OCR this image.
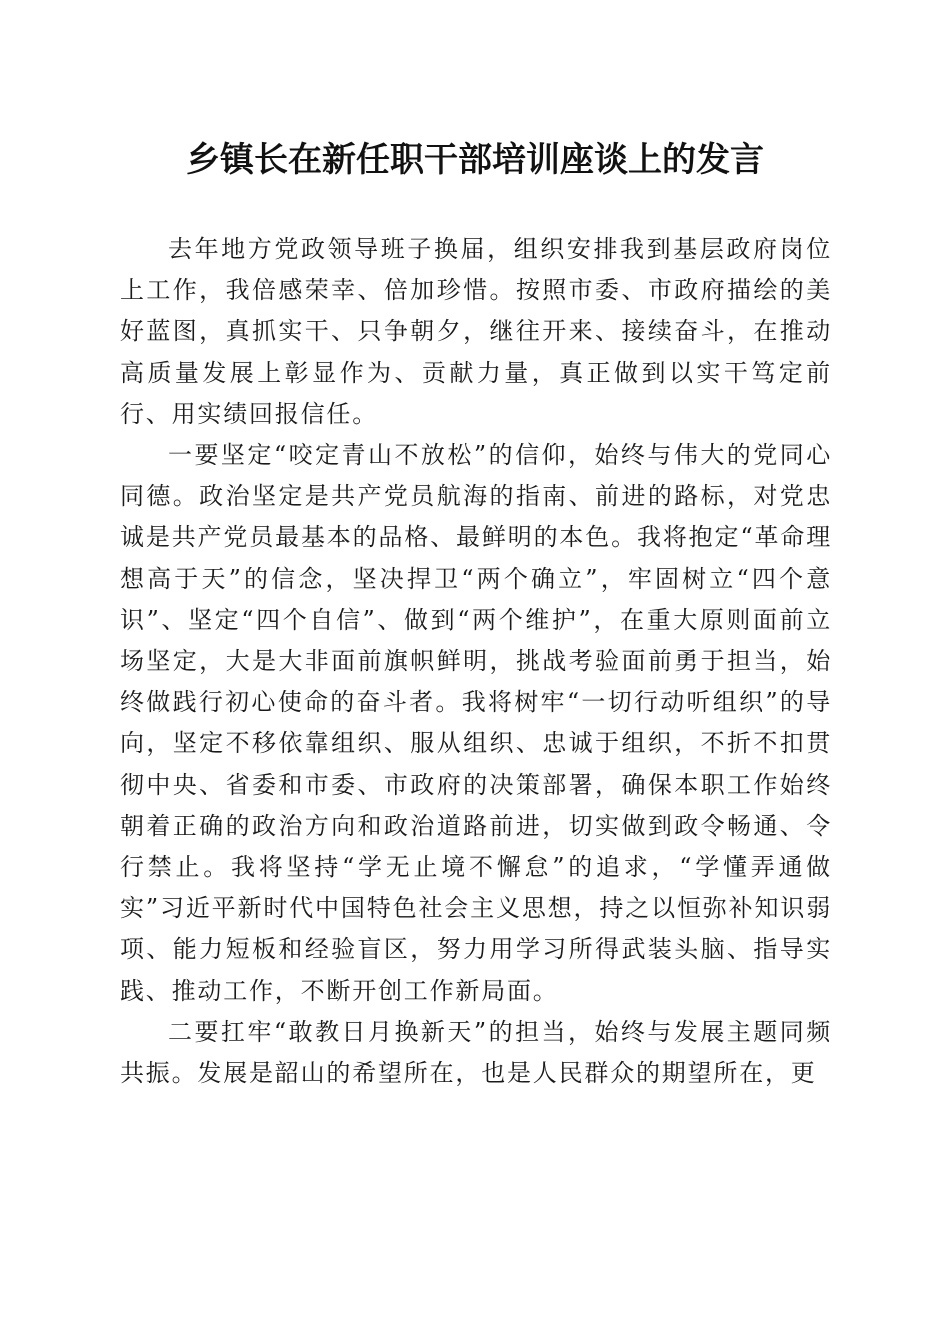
乡镇长在新任职干部培训座谈上的发言

去年地方党政领导班子换届，组织安排我到基层政府岗位上工作，我倍感荣幸、倍加珍惜。按照市委、市政府描绘的美好蓝图，真抓实干、只争朝夕，继往开来、接续奋斗，在推动高质量发展上彰显作为、贡献力量，真正做到以实干笃定前行、用实绩回报信任。

一要坚定“咬定青山不放松”的信仰，始终与伟大的党同心同德。政治坚定是共产党员航海的指南、前进的路标，对党忠诚是共产党员最基本的品格、最鲜明的本色。我将抱定“革命理想高于天”的信念，坚决捍卫“两个确立”，牢固树立“四个意识”、坚定“四个自信”、做到“两个维护”，在重大原则面前立场坚定，大是大非面前旗帜鲜明，挑战考验面前勇于担当，始终做践行初心使命的奋斗者。我将树牢“一切行动听组织”的导向，坚定不移依靠组织、服从组织、忠诚于组织，不折不扣贯彻中央、省委和市委、市政府的决策部署，确保本职工作始终朝着正确的政治方向和政治道路前进，切实做到政令畅通、令行禁止。我将坚持“学无止境不懈怠”的追求，“学懂弄通做实”习近平新时代中国特色社会主义思想，持之以恒弥补知识弱项、能力短板和经验盲区，努力用学习所得武装头脑、指导实践、推动工作，不断开创工作新局面。

二要扛牢“敢教日月换新天”的担当，始终与发展主题同频共振。发展是韶山的希望所在，也是人民群众的期望所在，更
